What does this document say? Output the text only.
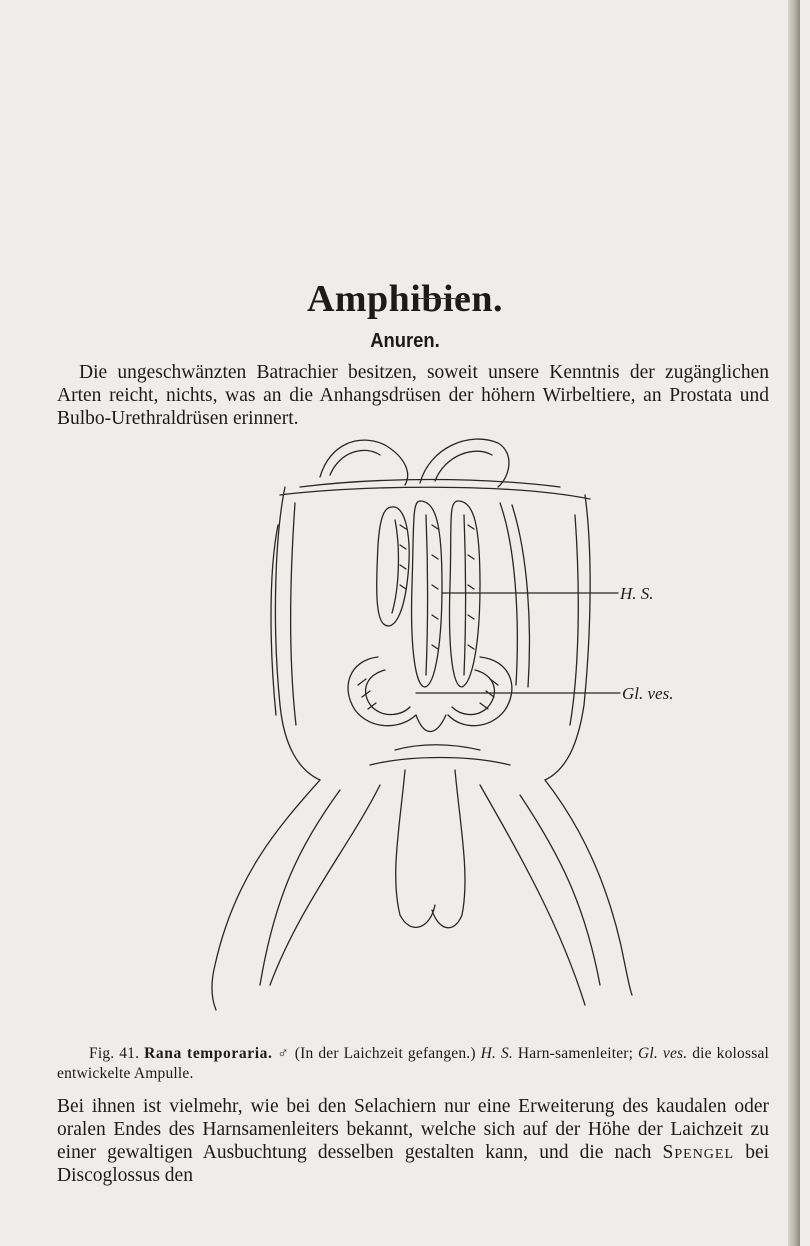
Amphibien.
Anuren.

Die ungeschwänzten Batrachier besitzen, soweit unsere Kenntnis der zugänglichen Arten reicht, nichts, was an die Anhangsdrüsen der höhern Wirbeltiere, an Prostata und Bulbo-Urethraldrüsen erinnert.

H. S.
Gl. ves.

Fig. 41. Rana temporaria. ♂ (In der Laichzeit gefangen.) H. S. Harn-samenleiter; Gl. ves. die kolossal entwickelte Ampulle.

Bei ihnen ist vielmehr, wie bei den Selachiern nur eine Erweiterung des kaudalen oder oralen Endes des Harnsamenleiters bekannt, welche sich auf der Höhe der Laichzeit zu einer gewaltigen Ausbuchtung desselben gestalten kann, und die nach Spengel bei Discoglossus den
